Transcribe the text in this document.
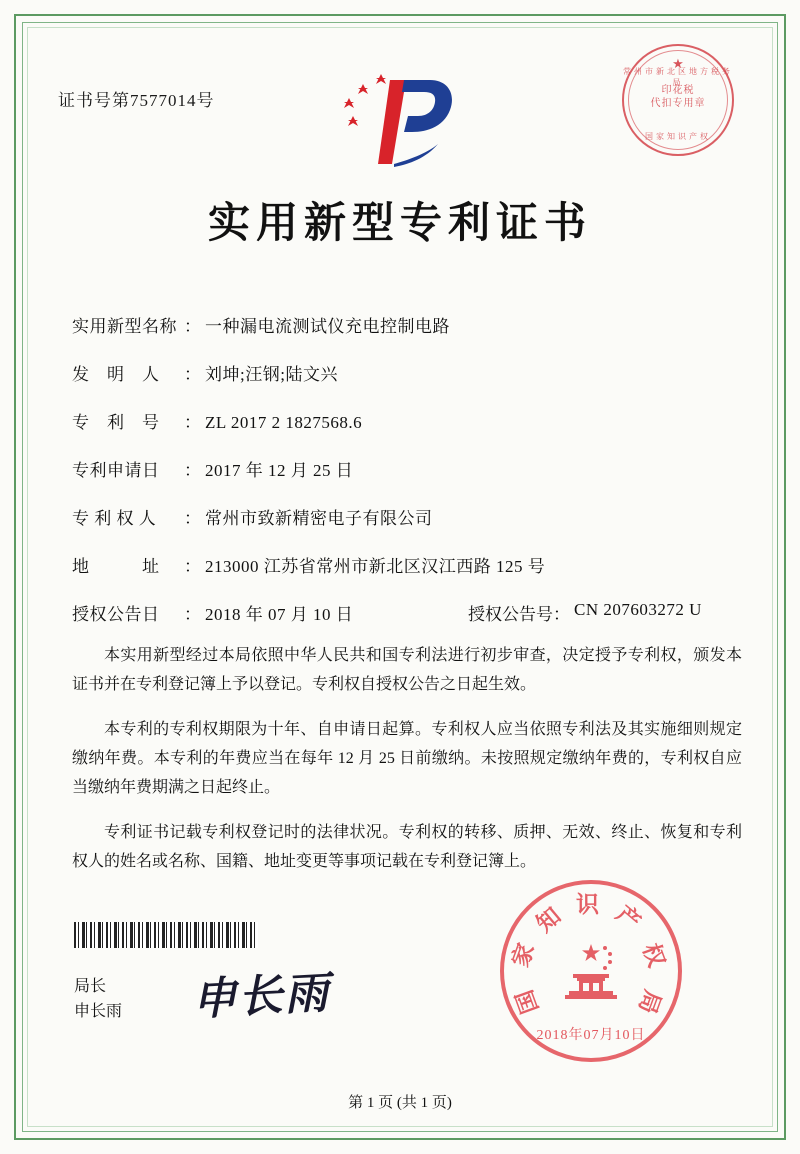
证书号第7577014号
★
常州市新北区地方税务局
印花税
代扣专用章
国家知识产权
实用新型专利证书
实用新型名称 ： 一种漏电流测试仪充电控制电路
发　明　人	： 刘坤;汪钢;陆文兴
专　利　号	： ZL 2017 2 1827568.6
专利申请日	： 2017 年 12 月 25 日
专 利 权 人	： 常州市致新精密电子有限公司
地　　　址	： 213000 江苏省常州市新北区汉江西路 125 号
授权公告日	： 2018 年 07 月 10 日	授权公告号 ： CN 207603272 U

本实用新型经过本局依照中华人民共和国专利法进行初步审查，决定授予专利权，颁发本证书并在专利登记簿上予以登记。专利权自授权公告之日起生效。

本专利的专利权期限为十年、自申请日起算。专利权人应当依照专利法及其实施细则规定缴纳年费。本专利的年费应当在每年 12 月 25 日前缴纳。未按照规定缴纳年费的，专利权自应当缴纳年费期满之日起终止。

专利证书记载专利权登记时的法律状况。专利权的转移、质押、无效、终止、恢复和专利权人的姓名或名称、国籍、地址变更等事项记载在专利登记簿上。

局长
申长雨 申长雨
识 产
权
局
知
家
国
2018年07月10日
第 1 页 (共 1 页)
